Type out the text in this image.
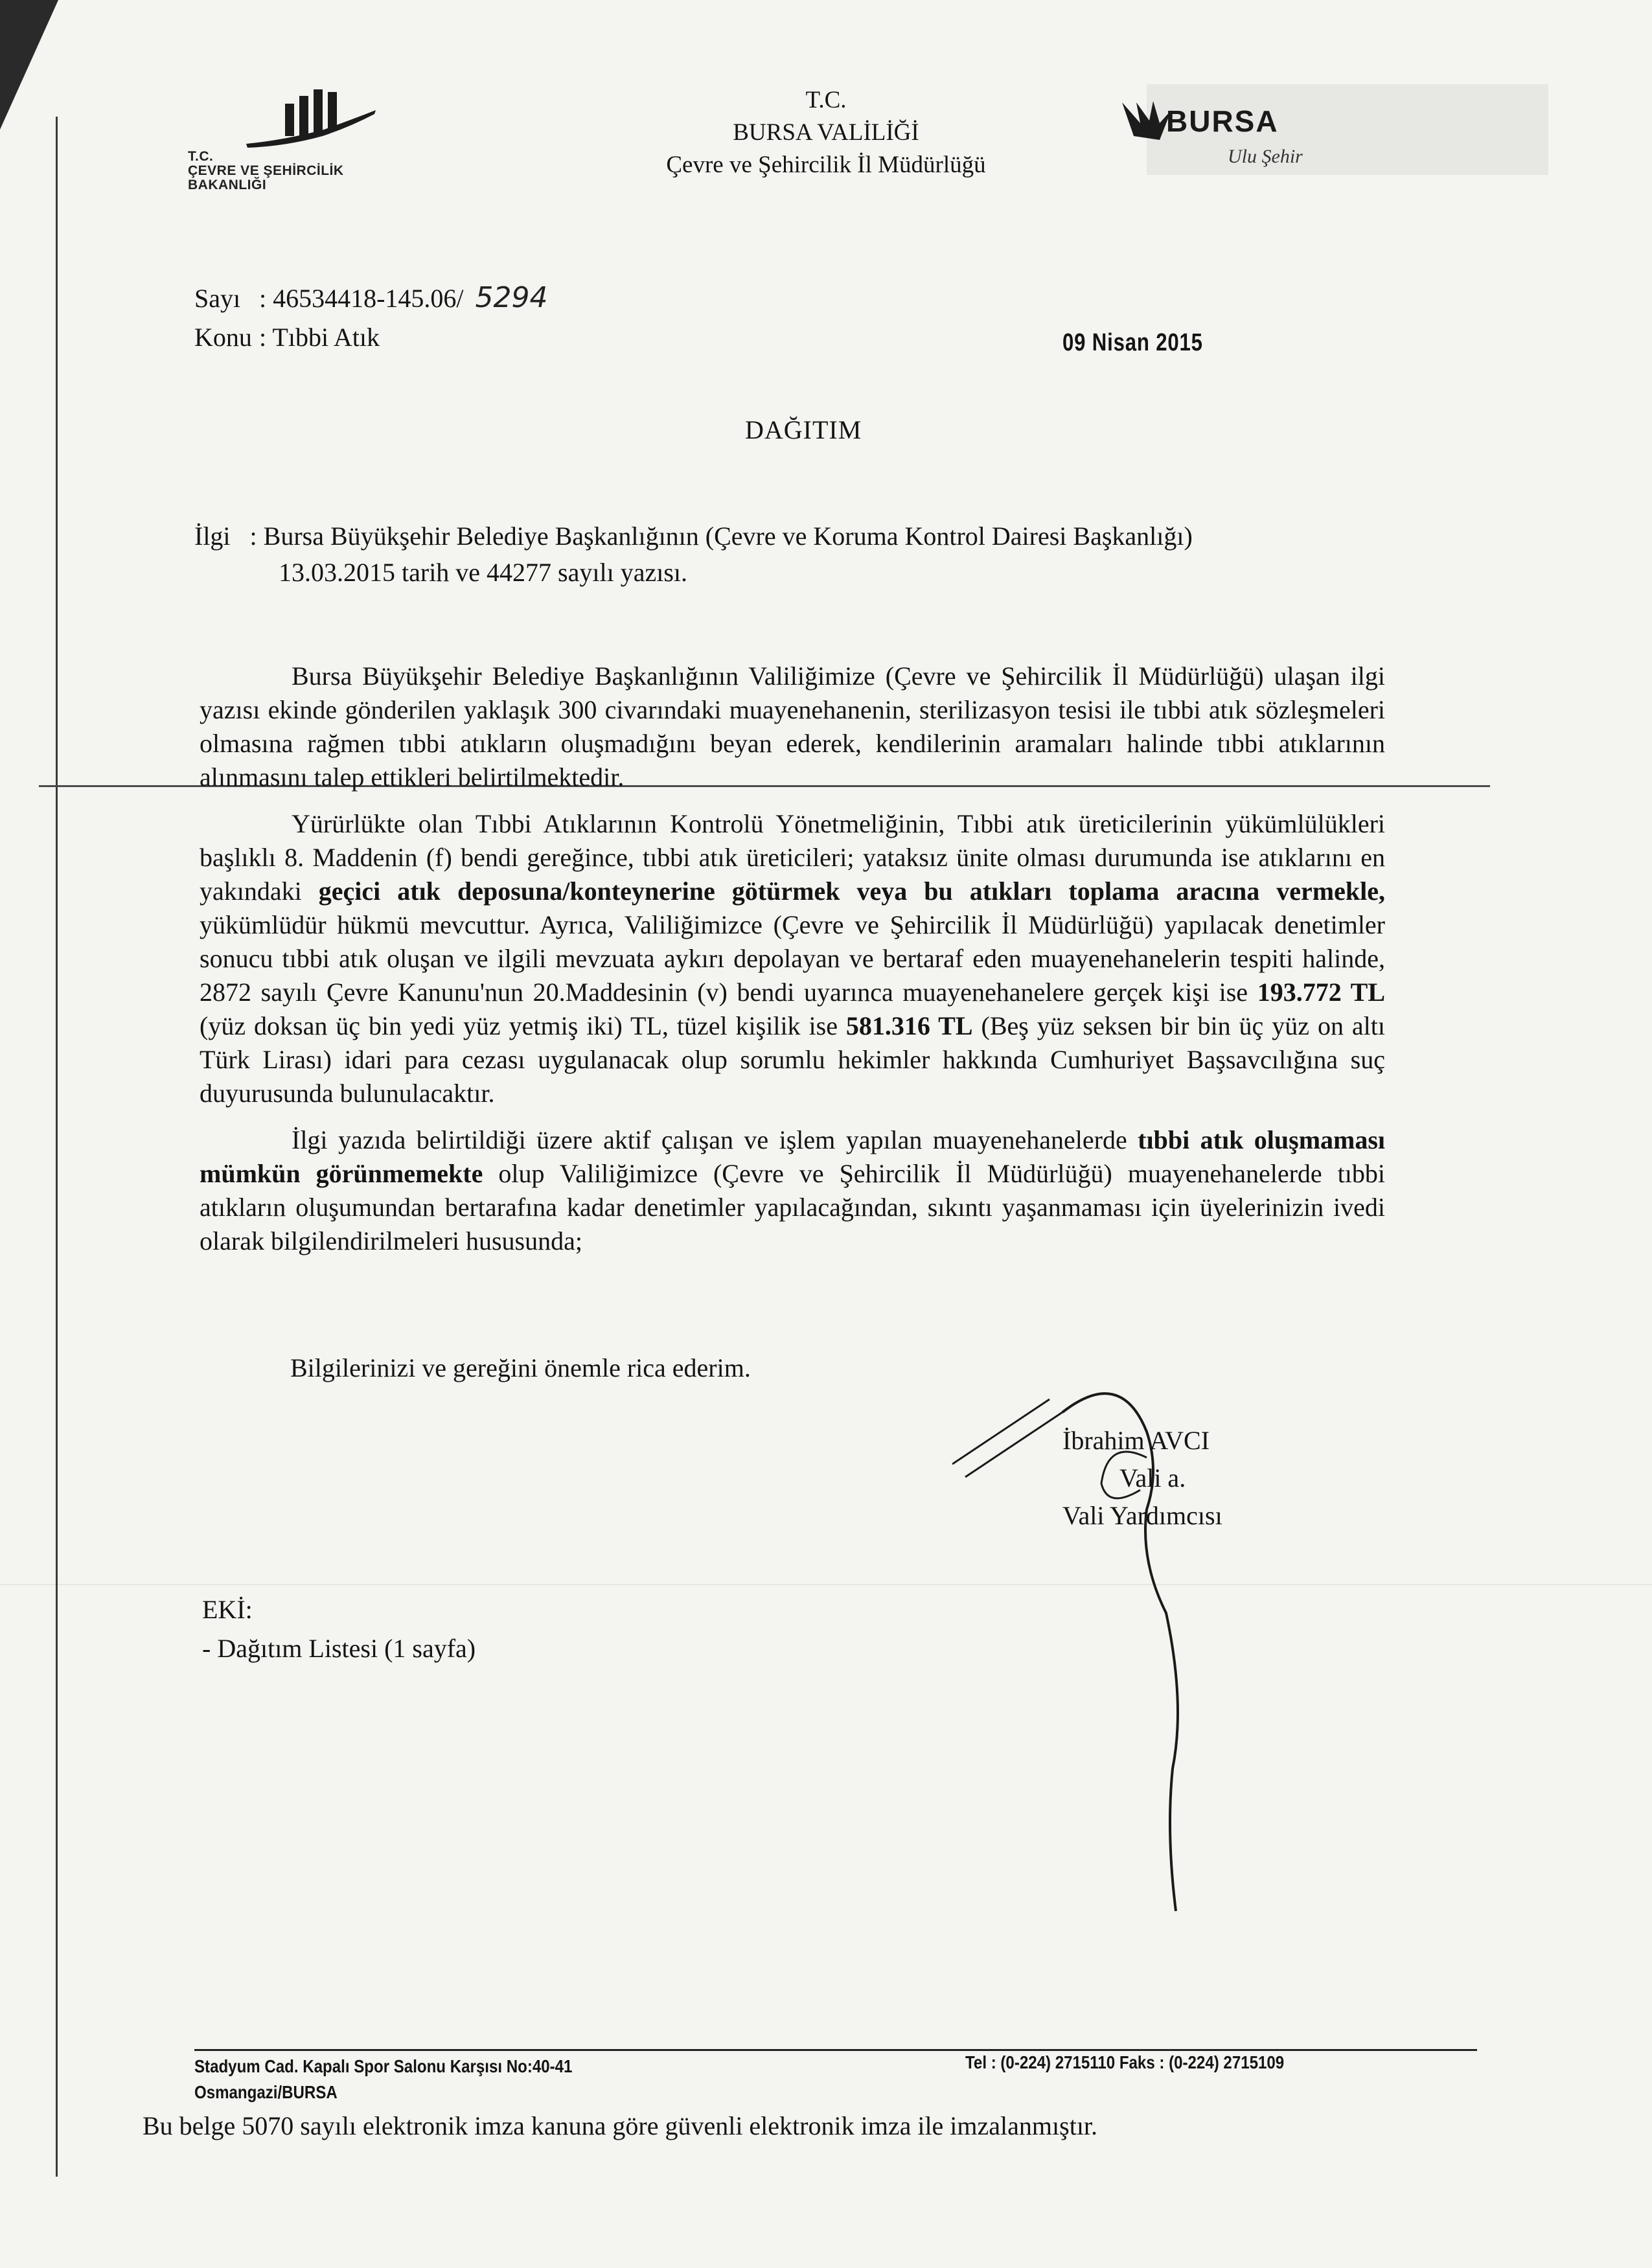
T.C.
ÇEVRE VE ŞEHİRCİLİK
BAKANLIĞI
T.C.
BURSA VALİLİĞİ
Çevre ve Şehircilik İl Müdürlüğü
BURSA
Ulu Şehir
Sayı : 46534418-145.06/ 5294
Konu : Tıbbi Atık	09 Nisan 2015
DAĞITIM
İlgi : Bursa Büyükşehir Belediye Başkanlığının (Çevre ve Koruma Kontrol Dairesi Başkanlığı)
13.03.2015 tarih ve 44277 sayılı yazısı.

Bursa Büyükşehir Belediye Başkanlığının Valiliğimize (Çevre ve Şehircilik İl Müdürlüğü) ulaşan ilgi yazısı ekinde gönderilen yaklaşık 300 civarındaki muayenehanenin, sterilizasyon tesisi ile tıbbi atık sözleşmeleri olmasına rağmen tıbbi atıkların oluşmadığını beyan ederek, kendilerinin aramaları halinde tıbbi atıklarının alınmasını talep ettikleri belirtilmektedir.

Yürürlükte olan Tıbbi Atıklarının Kontrolü Yönetmeliğinin, Tıbbi atık üreticilerinin yükümlülükleri başlıklı 8. Maddenin (f) bendi gereğince, tıbbi atık üreticileri; yataksız ünite olması durumunda ise atıklarını en yakındaki geçici atık deposuna/konteynerine götürmek veya bu atıkları toplama aracına vermekle, yükümlüdür hükmü mevcuttur. Ayrıca, Valiliğimizce (Çevre ve Şehircilik İl Müdürlüğü) yapılacak denetimler sonucu tıbbi atık oluşan ve ilgili mevzuata aykırı depolayan ve bertaraf eden muayenehanelerin tespiti halinde, 2872 sayılı Çevre Kanunu'nun 20.Maddesinin (v) bendi uyarınca muayenehanelere gerçek kişi ise 193.772 TL (yüz doksan üç bin yedi yüz yetmiş iki) TL, tüzel kişilik ise 581.316 TL (Beş yüz seksen bir bin üç yüz on altı Türk Lirası) idari para cezası uygulanacak olup sorumlu hekimler hakkında Cumhuriyet Başsavcılığına suç duyurusunda bulunulacaktır.

İlgi yazıda belirtildiği üzere aktif çalışan ve işlem yapılan muayenehanelerde tıbbi atık oluşmaması mümkün görünmemekte olup Valiliğimizce (Çevre ve Şehircilik İl Müdürlüğü) muayenehanelerde tıbbi atıkların oluşumundan bertarafına kadar denetimler yapılacağından, sıkıntı yaşanmaması için üyelerinizin ivedi olarak bilgilendirilmeleri hususunda;

Bilgilerinizi ve gereğini önemle rica ederim.
İbrahim AVCI
Vali a.
Vali Yardımcısı
EKİ:
- Dağıtım Listesi (1 sayfa)
Stadyum Cad. Kapalı Spor Salonu Karşısı No:40-41
Osmangazi/BURSA
Tel : (0-224) 2715110 Faks : (0-224) 2715109
Bu belge 5070 sayılı elektronik imza kanuna göre güvenli elektronik imza ile imzalanmıştır.
